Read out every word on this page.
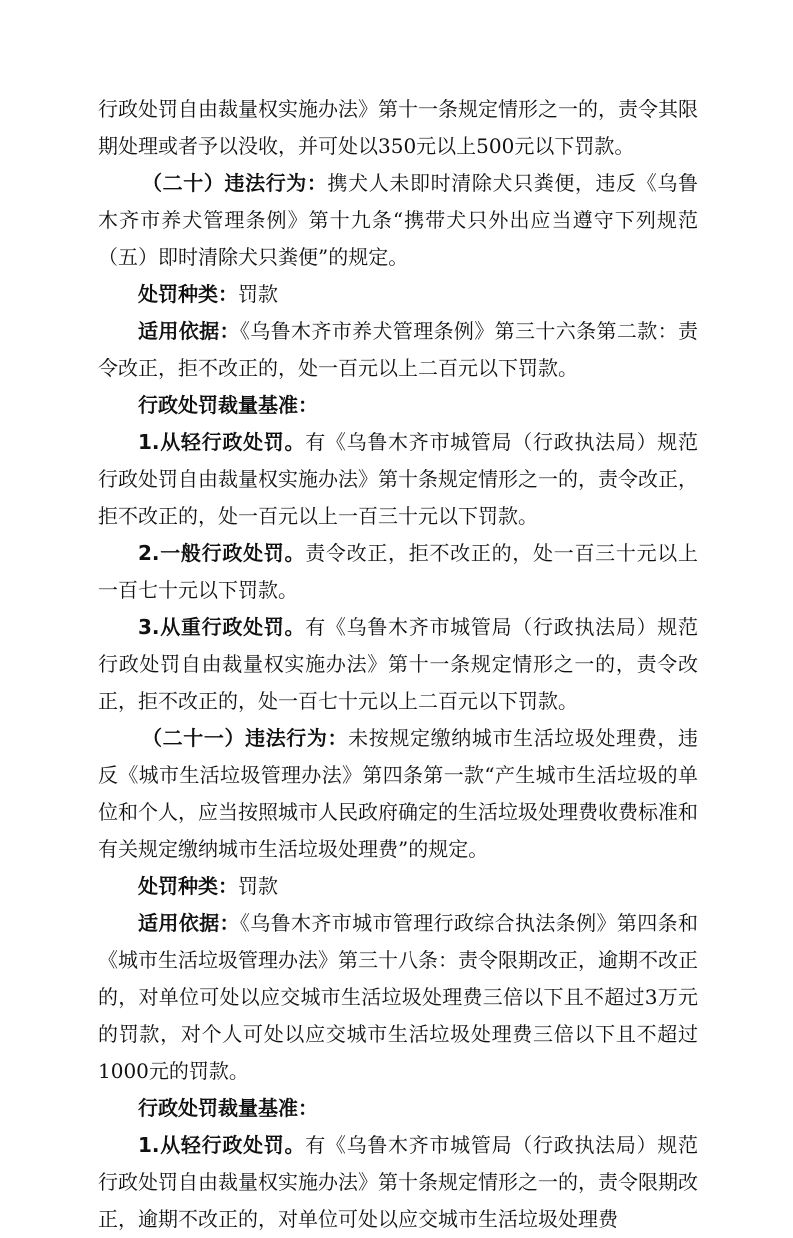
行政处罚自由裁量权实施办法》第十一条规定情形之一的，责令其限期处理或者予以没收，并可处以350元以上500元以下罚款。

（二十）违法行为：携犬人未即时清除犬只粪便，违反《乌鲁木齐市养犬管理条例》第十九条“携带犬只外出应当遵守下列规范（五）即时清除犬只粪便”的规定。

处罚种类：罚款

适用依据：《乌鲁木齐市养犬管理条例》第三十六条第二款：责令改正，拒不改正的，处一百元以上二百元以下罚款。

行政处罚裁量基准：

1.从轻行政处罚。有《乌鲁木齐市城管局（行政执法局）规范行政处罚自由裁量权实施办法》第十条规定情形之一的，责令改正，拒不改正的，处一百元以上一百三十元以下罚款。

2.一般行政处罚。责令改正，拒不改正的，处一百三十元以上一百七十元以下罚款。

3.从重行政处罚。有《乌鲁木齐市城管局（行政执法局）规范行政处罚自由裁量权实施办法》第十一条规定情形之一的，责令改正，拒不改正的，处一百七十元以上二百元以下罚款。

（二十一）违法行为：未按规定缴纳城市生活垃圾处理费，违反《城市生活垃圾管理办法》第四条第一款“产生城市生活垃圾的单位和个人，应当按照城市人民政府确定的生活垃圾处理费收费标准和有关规定缴纳城市生活垃圾处理费”的规定。

处罚种类：罚款

适用依据：《乌鲁木齐市城市管理行政综合执法条例》第四条和《城市生活垃圾管理办法》第三十八条：责令限期改正，逾期不改正的，对单位可处以应交城市生活垃圾处理费三倍以下且不超过3万元的罚款，对个人可处以应交城市生活垃圾处理费三倍以下且不超过1000元的罚款。

行政处罚裁量基准：

1.从轻行政处罚。有《乌鲁木齐市城管局（行政执法局）规范行政处罚自由裁量权实施办法》第十条规定情形之一的，责令限期改正，逾期不改正的，对单位可处以应交城市生活垃圾处理费
